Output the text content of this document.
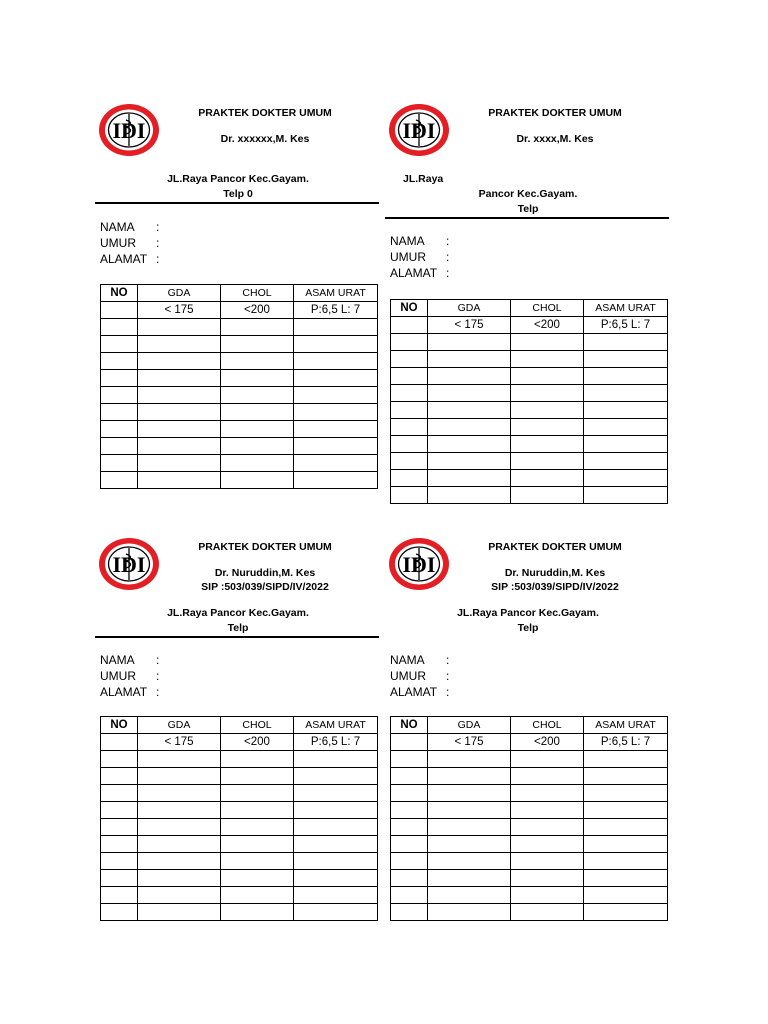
IDI
PRAKTEK DOKTER UMUM
Dr. xxxxxx,M. Kes
JL.Raya Pancor Kec.Gayam.
Telp 0
NAMA :
UMUR :
ALAMAT :
NO	GDA	CHOL	ASAM URAT
	< 175	<200	P:6,5 L: 7

IDI
PRAKTEK DOKTER UMUM
Dr. xxxx,M. Kes
JL.Raya
Pancor Kec.Gayam.
Telp
NAMA :
UMUR :
ALAMAT :
NO	GDA	CHOL	ASAM URAT
	< 175	<200	P:6,5 L: 7

IDI
PRAKTEK DOKTER UMUM
Dr. Nuruddin,M. Kes
SIP :503/039/SIPD/IV/2022
JL.Raya Pancor Kec.Gayam.
Telp
NAMA :
UMUR :
ALAMAT :
NO	GDA	CHOL	ASAM URAT
	< 175	<200	P:6,5 L: 7

IDI
PRAKTEK DOKTER UMUM
Dr. Nuruddin,M. Kes
SIP :503/039/SIPD/IV/2022
JL.Raya Pancor Kec.Gayam.
Telp
NAMA :
UMUR :
ALAMAT :
NO	GDA	CHOL	ASAM URAT
	< 175	<200	P:6,5 L: 7
